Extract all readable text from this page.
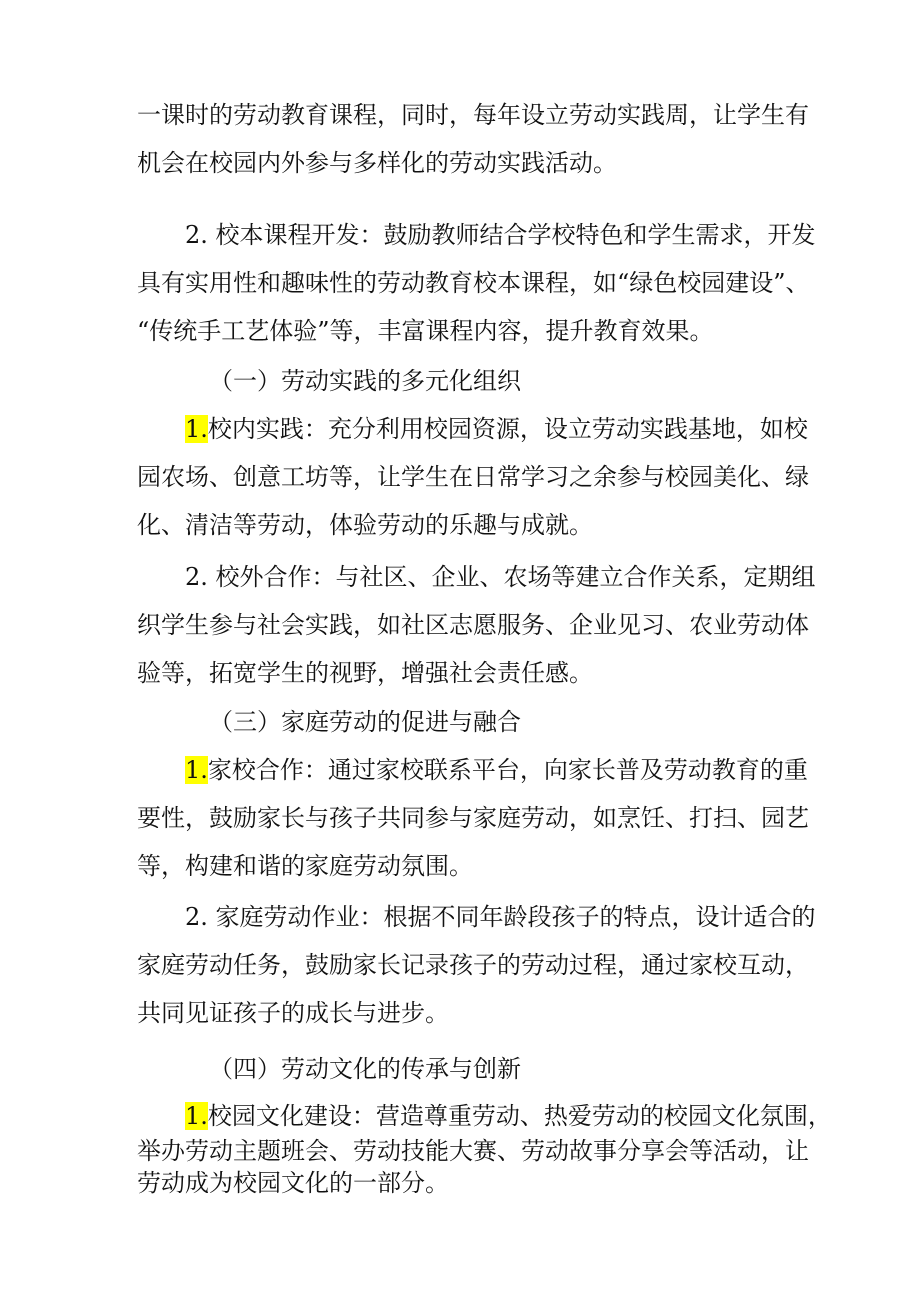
一课时的劳动教育课程，同时，每年设立劳动实践周，让学生有
机会在校园内外参与多样化的劳动实践活动。
2. 校本课程开发：鼓励教师结合学校特色和学生需求，开发
具有实用性和趣味性的劳动教育校本课程，如“绿色校园建设”、
“传统手工艺体验”等，丰富课程内容，提升教育效果。
（一）劳动实践的多元化组织
1.校内实践：充分利用校园资源，设立劳动实践基地，如校
园农场、创意工坊等，让学生在日常学习之余参与校园美化、绿
化、清洁等劳动，体验劳动的乐趣与成就。
2. 校外合作：与社区、企业、农场等建立合作关系，定期组
织学生参与社会实践，如社区志愿服务、企业见习、农业劳动体
验等，拓宽学生的视野，增强社会责任感。
（三）家庭劳动的促进与融合
1.家校合作：通过家校联系平台，向家长普及劳动教育的重
要性，鼓励家长与孩子共同参与家庭劳动，如烹饪、打扫、园艺
等，构建和谐的家庭劳动氛围。
2. 家庭劳动作业：根据不同年龄段孩子的特点，设计适合的
家庭劳动任务，鼓励家长记录孩子的劳动过程，通过家校互动，
共同见证孩子的成长与进步。
（四）劳动文化的传承与创新
1.校园文化建设：营造尊重劳动、热爱劳动的校园文化氛围，
举办劳动主题班会、劳动技能大赛、劳动故事分享会等活动，让
劳动成为校园文化的一部分。
